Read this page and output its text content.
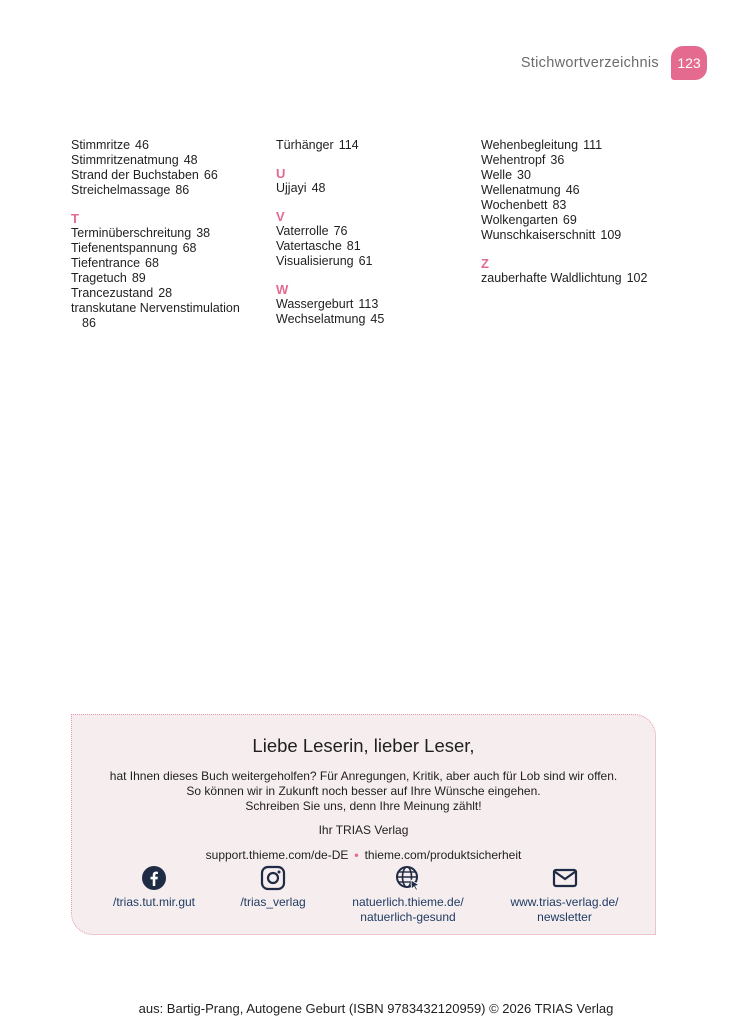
Stichwortverzeichnis	123
Stimmritze 46
Stimmritzenatmung 48
Strand der Buchstaben 66
Streichelmassage 86
T
Terminüberschreitung 38
Tiefenentspannung 68
Tiefentrance 68
Tragetuch 89
Trancezustand 28
transkutane Nervenstimulation
86
Türhänger 114
U
Ujjayi 48
V
Vaterrolle 76
Vatertasche 81
Visualisierung 61
W
Wassergeburt 113
Wechselatmung 45
Wehenbegleitung 111
Wehentropf 36
Welle 30
Wellenatmung 46
Wochenbett 83
Wolkengarten 69
Wunschkaiserschnitt 109
Z
zauberhafte Waldlichtung 102
Liebe Leserin, lieber Leser,
hat Ihnen dieses Buch weitergeholfen? Für Anregungen, Kritik, aber auch für Lob sind wir offen.
So können wir in Zukunft noch besser auf Ihre Wünsche eingehen.
Schreiben Sie uns, denn Ihre Meinung zählt!
Ihr TRIAS Verlag
support.thieme.com/de-DE • thieme.com/produktsicherheit
/trias.tut.mir.gut	/trias_verlag	natuerlich.thieme.de/
natuerlich-gesund
www.trias-verlag.de/
newsletter
aus: Bartig-Prang, Autogene Geburt (ISBN 9783432120959) © 2026 TRIAS Verlag
